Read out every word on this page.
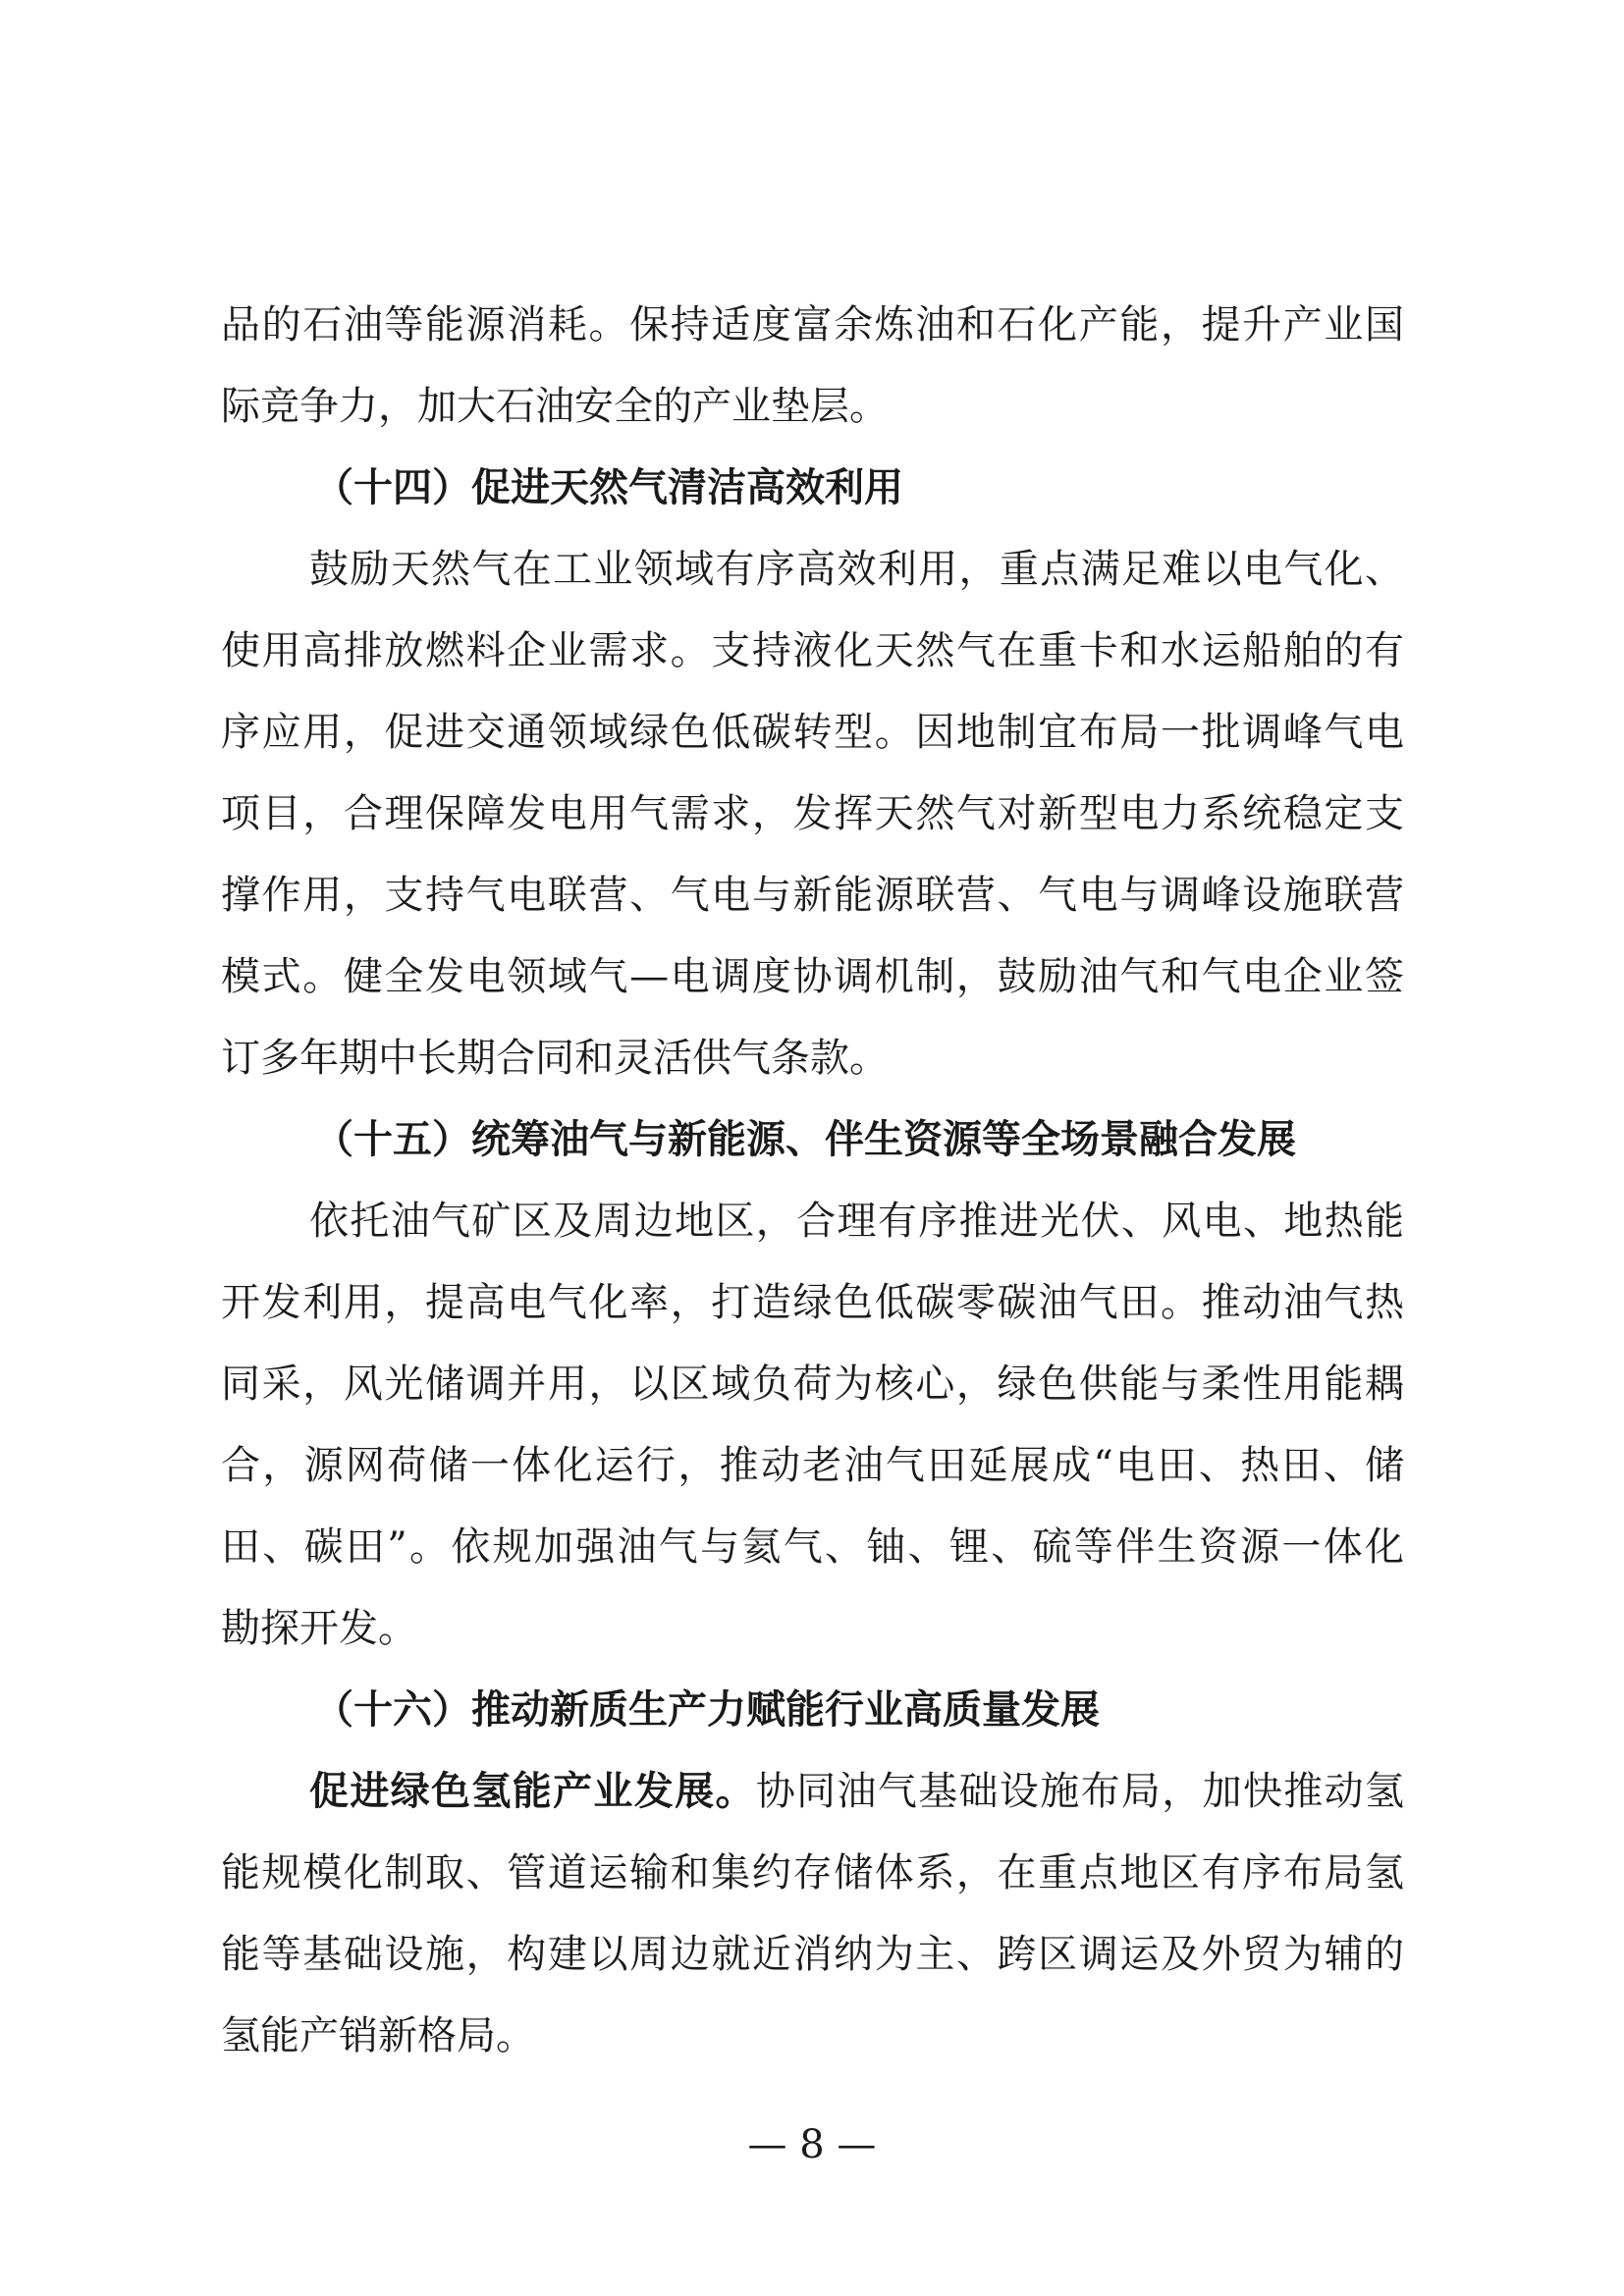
品的石油等能源消耗。保持适度富余炼油和石化产能，提升产业国
际竞争力，加大石油安全的产业垫层。
（十四）促进天然气清洁高效利用
鼓励天然气在工业领域有序高效利用，重点满足难以电气化、
使用高排放燃料企业需求。支持液化天然气在重卡和水运船舶的有
序应用，促进交通领域绿色低碳转型。因地制宜布局一批调峰气电
项目，合理保障发电用气需求，发挥天然气对新型电力系统稳定支
撑作用，支持气电联营、气电与新能源联营、气电与调峰设施联营
模式。健全发电领域气—电调度协调机制，鼓励油气和气电企业签
订多年期中长期合同和灵活供气条款。
（十五）统筹油气与新能源、伴生资源等全场景融合发展
依托油气矿区及周边地区，合理有序推进光伏、风电、地热能
开发利用，提高电气化率，打造绿色低碳零碳油气田。推动油气热
同采，风光储调并用，以区域负荷为核心，绿色供能与柔性用能耦
合，源网荷储一体化运行，推动老油气田延展成“电田、热田、储
田、碳田”。依规加强油气与氦气、铀、锂、硫等伴生资源一体化
勘探开发。
（十六）推动新质生产力赋能行业高质量发展
促进绿色氢能产业发展。协同油气基础设施布局，加快推动氢
能规模化制取、管道运输和集约存储体系，在重点地区有序布局氢
能等基础设施，构建以周边就近消纳为主、跨区调运及外贸为辅的
氢能产销新格局。
— 8 —
